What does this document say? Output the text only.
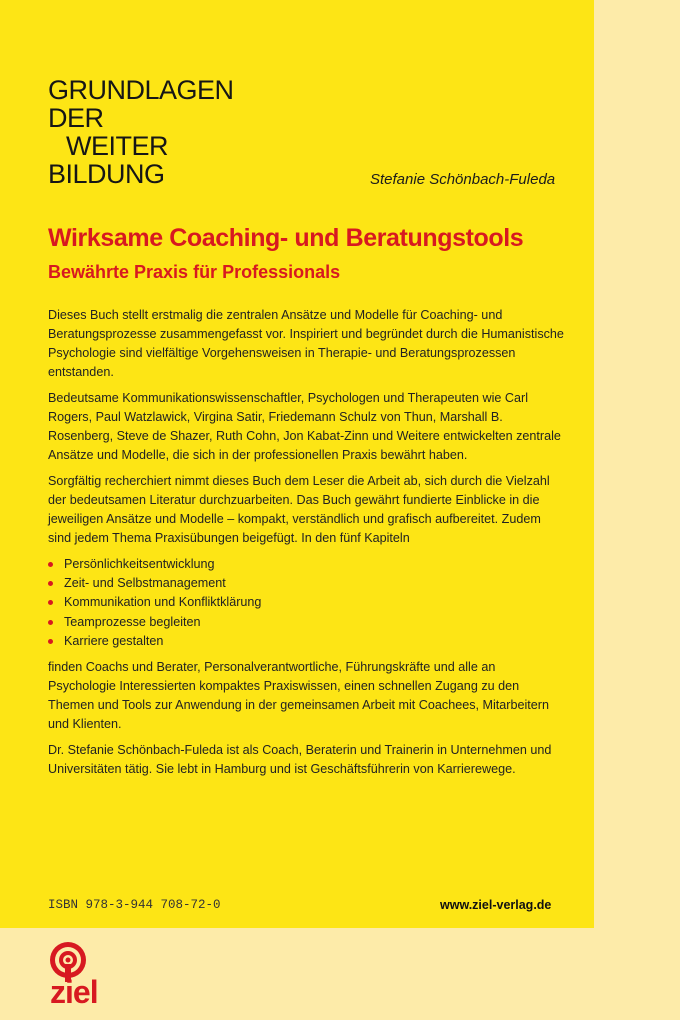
GRUNDLAGEN
DER
WEITER
BILDUNG	Stefanie Schönbach-Fuleda
Wirksame Coaching- und Beratungstools
Bewährte Praxis für Professionals

Dieses Buch stellt erstmalig die zentralen Ansätze und Modelle für Coaching- und Beratungsprozesse zusammengefasst vor. Inspiriert und begründet durch die Humanistische Psychologie sind vielfältige Vorgehensweisen in Therapie- und Beratungsprozessen entstanden.

Bedeutsame Kommunikationswissenschaftler, Psychologen und Therapeuten wie Carl Rogers, Paul Watzlawick, Virgina Satir, Friedemann Schulz von Thun, Marshall B. Rosenberg, Steve de Shazer, Ruth Cohn, Jon Kabat-Zinn und Weitere entwickelten zentrale Ansätze und Modelle, die sich in der professionellen Praxis bewährt haben.

Sorgfältig recherchiert nimmt dieses Buch dem Leser die Arbeit ab, sich durch die Vielzahl der bedeutsamen Literatur durchzuarbeiten. Das Buch gewährt fundierte Einblicke in die jeweiligen Ansätze und Modelle – kompakt, verständlich und grafisch aufbereitet. Zudem sind jedem Thema Praxisübungen beigefügt. In den fünf Kapiteln

Persönlichkeitsentwicklung
Zeit- und Selbstmanagement
Kommunikation und Konfliktklärung
Teamprozesse begleiten
Karriere gestalten

finden Coachs und Berater, Personalverantwortliche, Führungskräfte und alle an Psychologie Interessierten kompaktes Praxiswissen, einen schnellen Zugang zu den Themen und Tools zur Anwendung in der gemeinsamen Arbeit mit Coachees, Mitarbeitern und Klienten.

Dr. Stefanie Schönbach-Fuleda ist als Coach, Beraterin und Trainerin in Unternehmen und Universitäten tätig. Sie lebt in Hamburg und ist Geschäftsführerin von Karrierewege.

ISBN 978-3-944 708-72-0	www.ziel-verlag.de
ziel
